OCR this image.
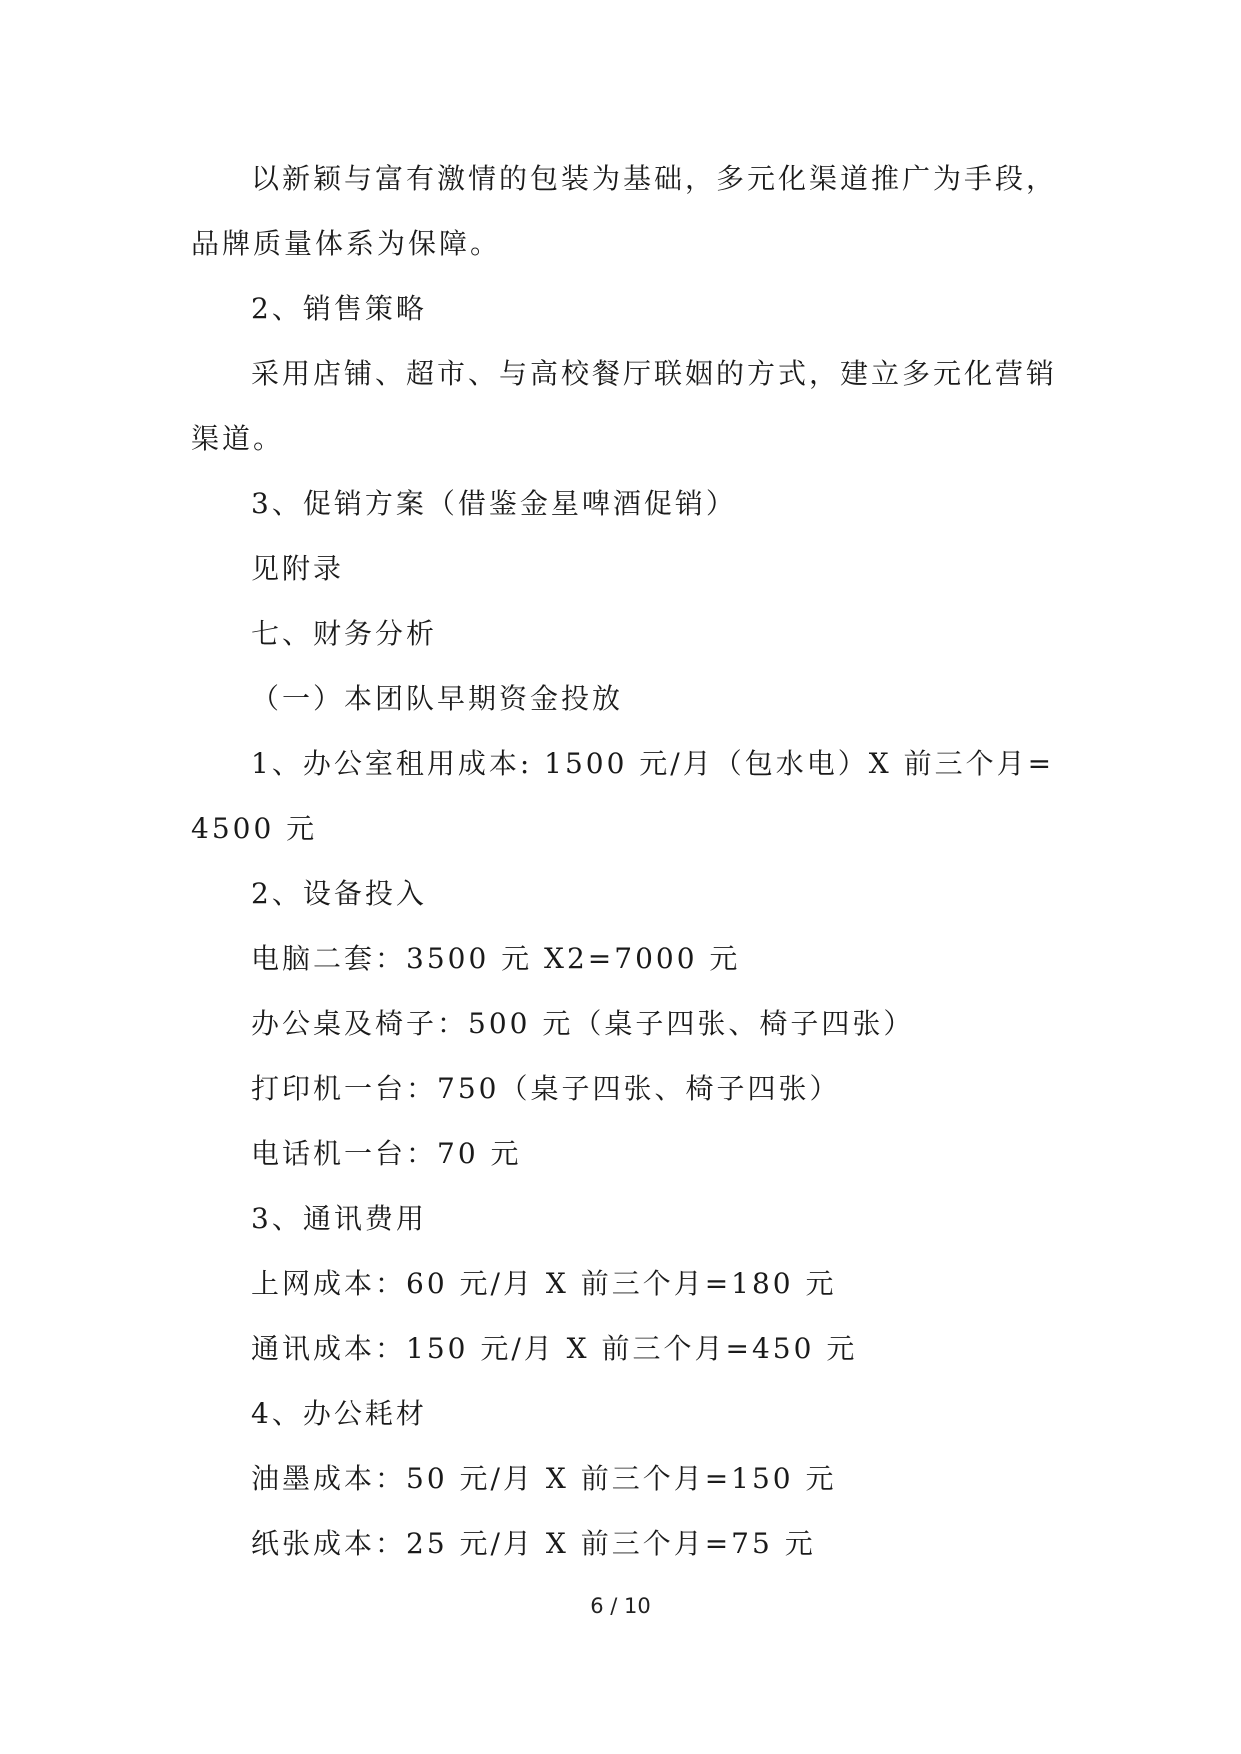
以新颖与富有激情的包装为基础，多元化渠道推广为手段，品牌质量体系为保障。

2、销售策略

采用店铺、超市、与高校餐厅联姻的方式，建立多元化营销渠道。

3、促销方案（借鉴金星啤酒促销）

见附录

七、财务分析

（一）本团队早期资金投放

1、办公室租用成本: 1500 元/月（包水电）X 前三个月=4500 元

2、设备投入

电脑二套：3500 元 X2=7000 元

办公桌及椅子：500 元（桌子四张、椅子四张）

打印机一台：750（桌子四张、椅子四张）

电话机一台：70 元

3、通讯费用

上网成本：60 元/月 X 前三个月=180 元

通讯成本：150 元/月 X 前三个月=450 元

4、办公耗材

油墨成本：50 元/月 X 前三个月=150 元

纸张成本：25 元/月 X 前三个月=75 元

6 / 10
